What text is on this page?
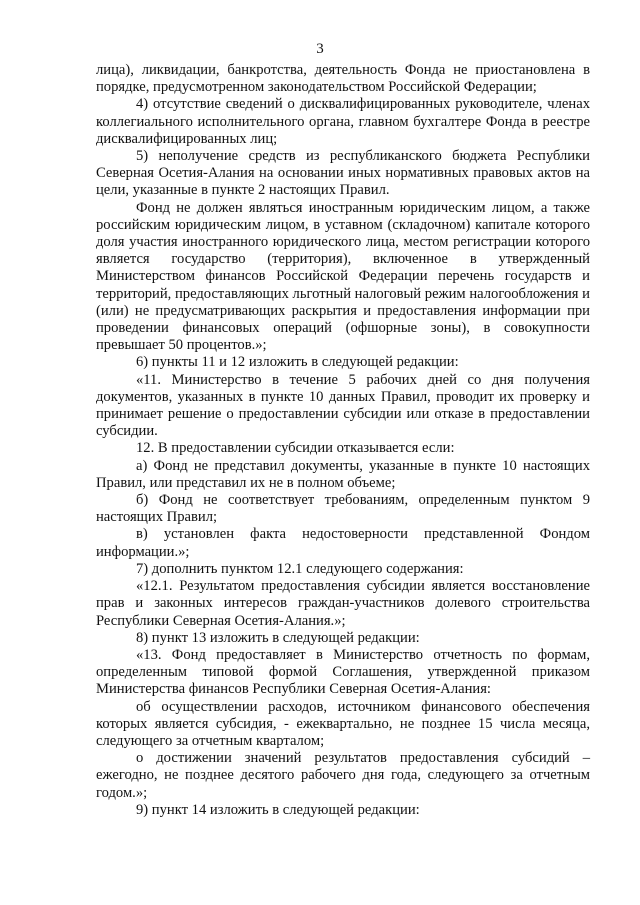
3

лица), ликвидации, банкротства, деятельность Фонда не приостановлена в порядке, предусмотренном законодательством Российской Федерации;

4) отсутствие сведений о дисквалифицированных руководителе, членах коллегиального исполнительного органа, главном бухгалтере Фонда в реестре дисквалифицированных лиц;

5) неполучение средств из республиканского бюджета Республики Северная Осетия-Алания на основании иных нормативных правовых актов на цели, указанные в пункте 2 настоящих Правил.

Фонд не должен являться иностранным юридическим лицом, а также российским юридическим лицом, в уставном (складочном) капитале которого доля участия иностранного юридического лица, местом регистрации которого является государство (территория), включенное в утвержденный Министерством финансов Российской Федерации перечень государств и территорий, предоставляющих льготный налоговый режим налогообложения и (или) не предусматривающих раскрытия и предоставления информации при проведении финансовых операций (офшорные зоны), в совокупности превышает 50 процентов.»;

6) пункты 11 и 12 изложить в следующей редакции:

«11. Министерство в течение 5 рабочих дней со дня получения документов, указанных в пункте 10 данных Правил, проводит их проверку и принимает решение о предоставлении субсидии или отказе в предоставлении субсидии.

12. В предоставлении субсидии отказывается если:

а) Фонд не представил документы, указанные в пункте 10 настоящих Правил, или представил их не в полном объеме;

б) Фонд не соответствует требованиям, определенным пунктом 9 настоящих Правил;

в) установлен факта недостоверности представленной Фондом информации.»;

7) дополнить пунктом 12.1 следующего содержания:

«12.1. Результатом предоставления субсидии является восстановление прав и законных интересов граждан-участников долевого строительства Республики Северная Осетия-Алания.»;

8) пункт 13 изложить в следующей редакции:

«13. Фонд предоставляет в Министерство отчетность по формам, определенным типовой формой Соглашения, утвержденной приказом Министерства финансов Республики Северная Осетия-Алания:

об осуществлении расходов, источником финансового обеспечения которых является субсидия, - ежеквартально, не позднее 15 числа месяца, следующего за отчетным кварталом;

о достижении значений результатов предоставления субсидий – ежегодно, не позднее десятого рабочего дня года, следующего за отчетным годом.»;

9) пункт 14 изложить в следующей редакции:
